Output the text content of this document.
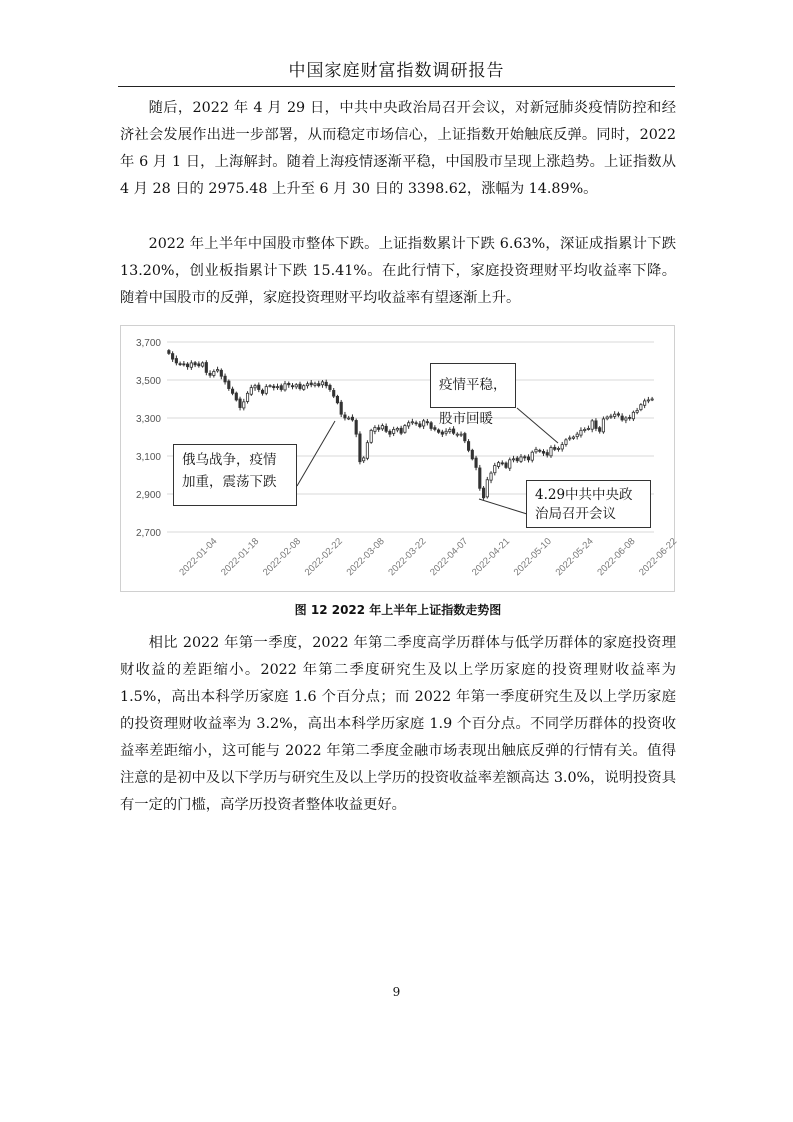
中国家庭财富指数调研报告

随后，2022 年 4 月 29 日，中共中央政治局召开会议，对新冠肺炎疫情防控和经济社会发展作出进一步部署，从而稳定市场信心，上证指数开始触底反弹。同时，2022 年 6 月 1 日，上海解封。随着上海疫情逐渐平稳，中国股市呈现上涨趋势。上证指数从 4 月 28 日的 2975.48 上升至 6 月 30 日的 3398.62，涨幅为 14.89%。

2022 年上半年中国股市整体下跌。上证指数累计下跌 6.63%，深证成指累计下跌 13.20%，创业板指累计下跌 15.41%。在此行情下，家庭投资理财平均收益率下降。随着中国股市的反弹，家庭投资理财平均收益率有望逐渐上升。

2,700
2,900
3,100
3,300
3,500
3,700
2022-01-04 2022-01-18 2022-02-08 2022-02-22 2022-03-08 2022-03-22 2022-04-07 2022-04-21 2022-05-10 2022-05-24 2022-06-08 2022-06-22
俄乌战争，疫情加重，震荡下跌
疫情平稳，股市回暖
4.29中共中央政治局召开会议
图 12 2022 年上半年上证指数走势图

相比 2022 年第一季度，2022 年第二季度高学历群体与低学历群体的家庭投资理财收益的差距缩小。2022 年第二季度研究生及以上学历家庭的投资理财收益率为 1.5%，高出本科学历家庭 1.6 个百分点；而 2022 年第一季度研究生及以上学历家庭的投资理财收益率为 3.2%，高出本科学历家庭 1.9 个百分点。不同学历群体的投资收益率差距缩小，这可能与 2022 年第二季度金融市场表现出触底反弹的行情有关。值得注意的是初中及以下学历与研究生及以上学历的投资收益率差额高达 3.0%，说明投资具有一定的门槛，高学历投资者整体收益更好。

9
